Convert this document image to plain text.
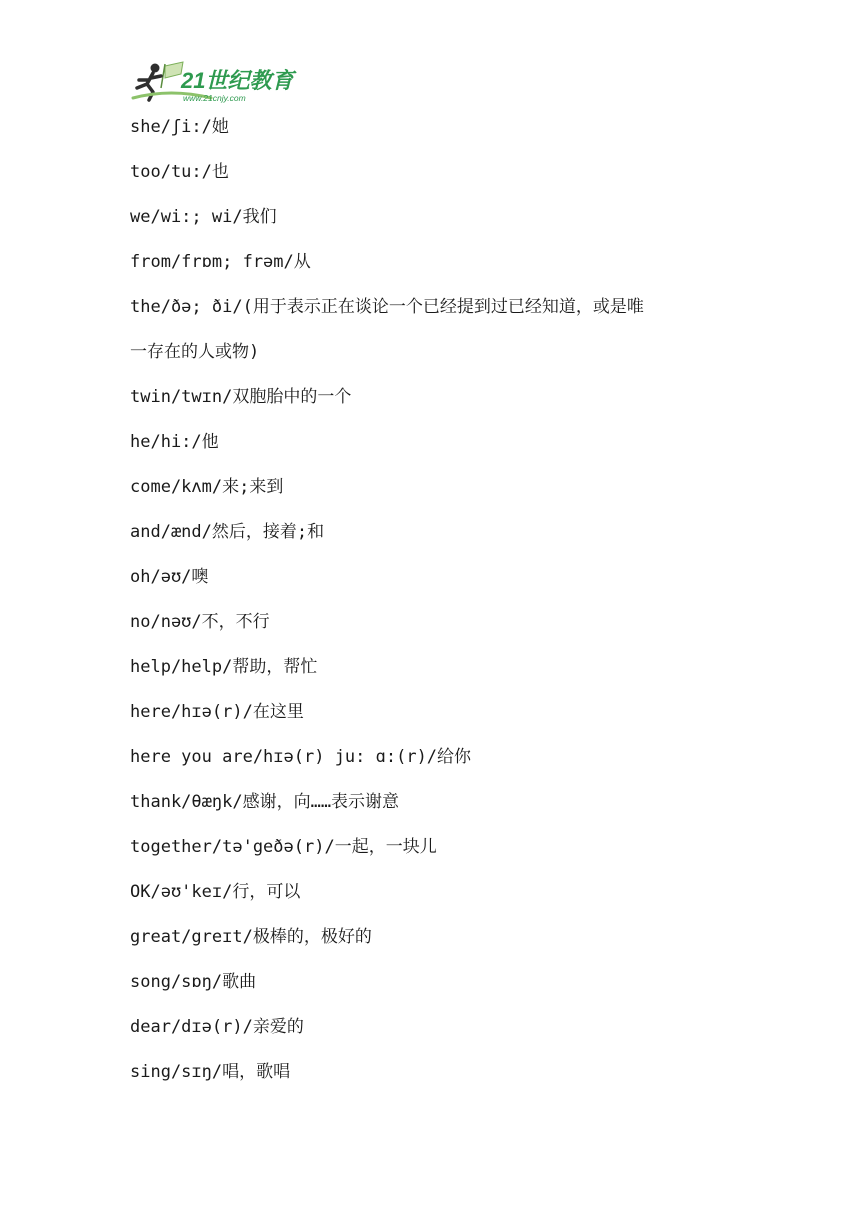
21世纪教育
www.21cnjy.com
she/ʃi:/她
too/tu:/也
we/wi:; wi/我们
from/frɒm; frəm/从
the/ðə; ði/(用于表示正在谈论一个已经提到过已经知道，或是唯
一存在的人或物)
twin/twɪn/双胞胎中的一个
he/hi:/他
come/kʌm/来;来到
and/ænd/然后，接着;和
oh/əʊ/噢
no/nəʊ/不，不行
help/help/帮助，帮忙
here/hɪə(r)/在这里
here you are/hɪə(r) ju: ɑ:(r)/给你
thank/θæŋk/感谢，向……表示谢意
together/tə'geðə(r)/一起，一块儿
OK/əʊ'keɪ/行，可以
great/greɪt/极棒的，极好的
song/sɒŋ/歌曲
dear/dɪə(r)/亲爱的
sing/sɪŋ/唱，歌唱
